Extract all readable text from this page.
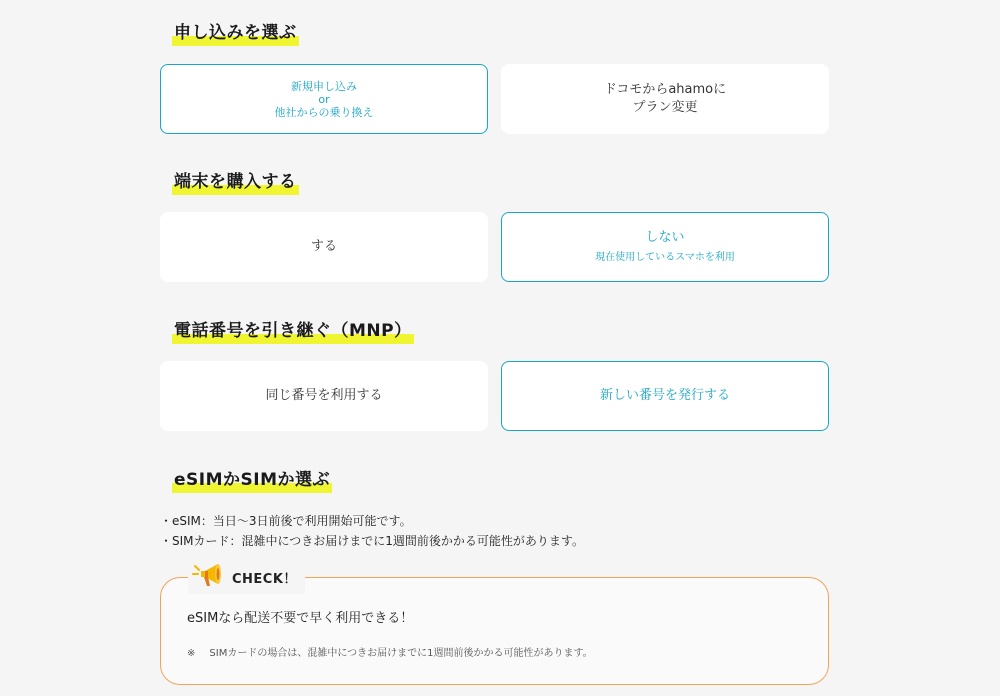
申し込みを選ぶ
新規申し込み
or
他社からの乗り換え
ドコモからahamoに
プラン変更
端末を購入する
する
しない
現在使用しているスマホを利用
電話番号を引き継ぐ（MNP）
同じ番号を利用する	新しい番号を発行する
eSIMかSIMか選ぶ
・eSIM：当日〜3日前後で利用開始可能です。
・SIMカード：混雑中につきお届けまでに1週間前後かかる可能性があります。
CHECK！
eSIMなら配送不要で早く利用できる！
※ SIMカードの場合は、混雑中につきお届けまでに1週間前後かかる可能性があります。
